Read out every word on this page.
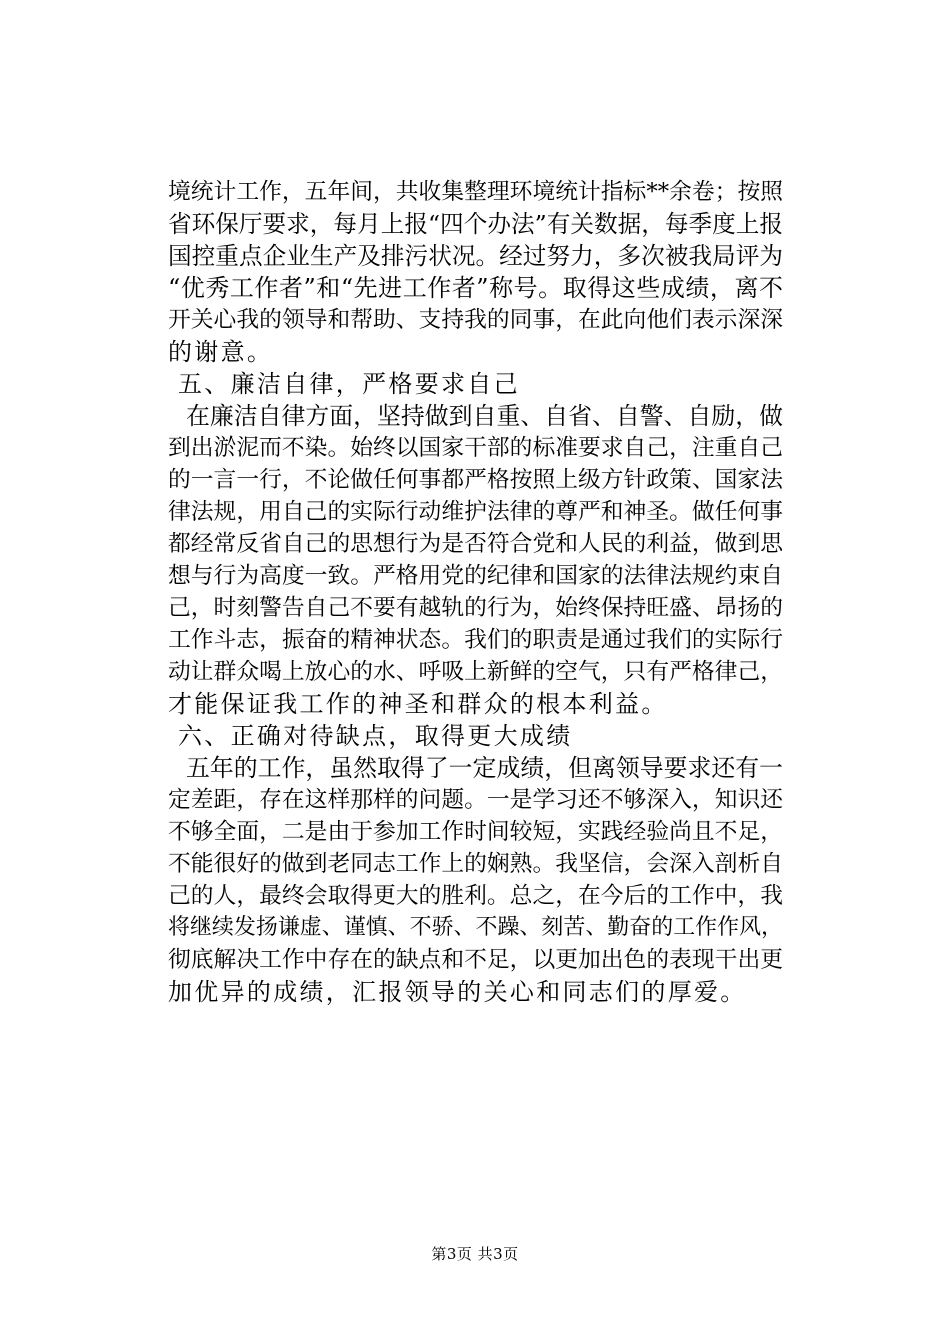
境统计工作，五年间，共收集整理环境统计指标**余卷；按照
省环保厅要求，每月上报“四个办法”有关数据，每季度上报
国控重点企业生产及排污状况。经过努力，多次被我局评为
“优秀工作者”和“先进工作者”称号。取得这些成绩，离不
开关心我的领导和帮助、支持我的同事，在此向他们表示深深
的谢意。
五、廉洁自律，严格要求自己
在廉洁自律方面，坚持做到自重、自省、自警、自励，做
到出淤泥而不染。始终以国家干部的标准要求自己，注重自己
的一言一行，不论做任何事都严格按照上级方针政策、国家法
律法规，用自己的实际行动维护法律的尊严和神圣。做任何事
都经常反省自己的思想行为是否符合党和人民的利益，做到思
想与行为高度一致。严格用党的纪律和国家的法律法规约束自
己，时刻警告自己不要有越轨的行为，始终保持旺盛、昂扬的
工作斗志，振奋的精神状态。我们的职责是通过我们的实际行
动让群众喝上放心的水、呼吸上新鲜的空气，只有严格律己，
才能保证我工作的神圣和群众的根本利益。
六、正确对待缺点，取得更大成绩
五年的工作，虽然取得了一定成绩，但离领导要求还有一
定差距，存在这样那样的问题。一是学习还不够深入，知识还
不够全面，二是由于参加工作时间较短，实践经验尚且不足，
不能很好的做到老同志工作上的娴熟。我坚信，会深入剖析自
己的人，最终会取得更大的胜利。总之，在今后的工作中，我
将继续发扬谦虚、谨慎、不骄、不躁、刻苦、勤奋的工作作风，
彻底解决工作中存在的缺点和不足，以更加出色的表现干出更
加优异的成绩，汇报领导的关心和同志们的厚爱。
第3页 共3页
